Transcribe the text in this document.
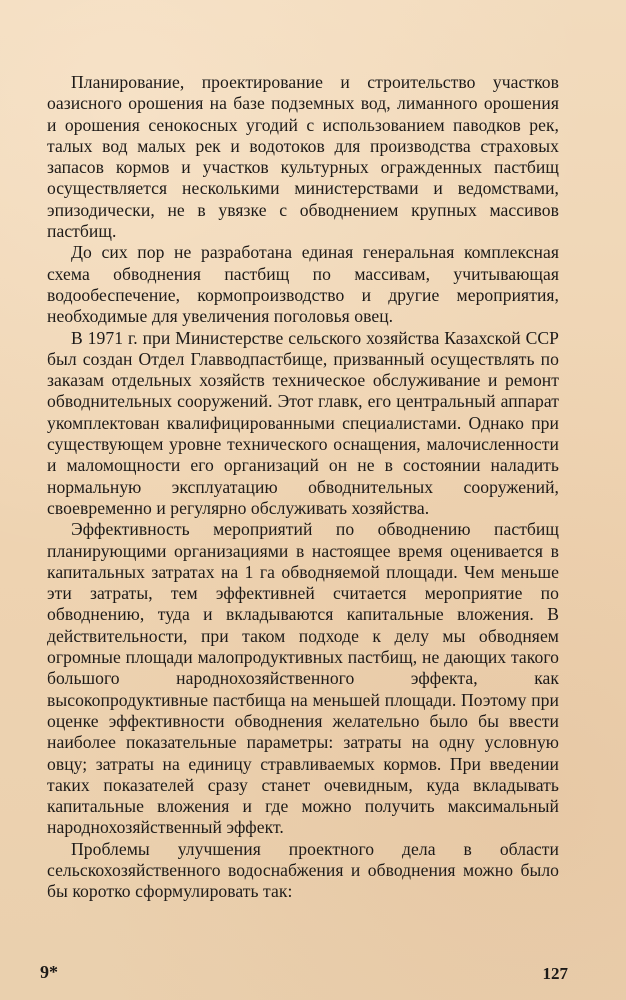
Планирование, проектирование и строительство участков оазисного орошения на базе подземных вод, лиманного орошения и орошения сенокосных угодий с использованием паводков рек, талых вод малых рек и водотоков для производства страховых запасов кормов и участков культурных огражденных пастбищ осуществляется несколькими министерствами и ведомствами, эпизодически, не в увязке с обводнением крупных массивов пастбищ.

До сих пор не разработана единая генеральная комплексная схема обводнения пастбищ по массивам, учитывающая водообеспечение, кормопроизводство и другие мероприятия, необходимые для увеличения поголовья овец.

В 1971 г. при Министерстве сельского хозяйства Казахской ССР был создан Отдел Главводпастбище, призванный осуществлять по заказам отдельных хозяйств техническое обслуживание и ремонт обводнительных сооружений. Этот главк, его центральный аппарат укомплектован квалифицированными специалистами. Однако при существующем уровне технического оснащения, малочисленности и маломощности его организаций он не в состоянии наладить нормальную эксплуатацию обводнительных сооружений, своевременно и регулярно обслуживать хозяйства.

Эффективность мероприятий по обводнению пастбищ планирующими организациями в настоящее время оценивается в капитальных затратах на 1 га обводняемой площади. Чем меньше эти затраты, тем эффективней считается мероприятие по обводнению, туда и вкладываются капитальные вложения. В действительности, при таком подходе к делу мы обводняем огромные площади малопродуктивных пастбищ, не дающих такого большого народнохозяйственного эффекта, как высокопродуктивные пастбища на меньшей площади. Поэтому при оценке эффективности обводнения желательно было бы ввести наиболее показательные параметры: затраты на одну условную овцу; затраты на единицу стравливаемых кормов. При введении таких показателей сразу станет очевидным, куда вкладывать капитальные вложения и где можно получить максимальный народнохозяйственный эффект.

Проблемы улучшения проектного дела в области сельскохозяйственного водоснабжения и обводнения можно было бы коротко сформулировать так:

9*	127
